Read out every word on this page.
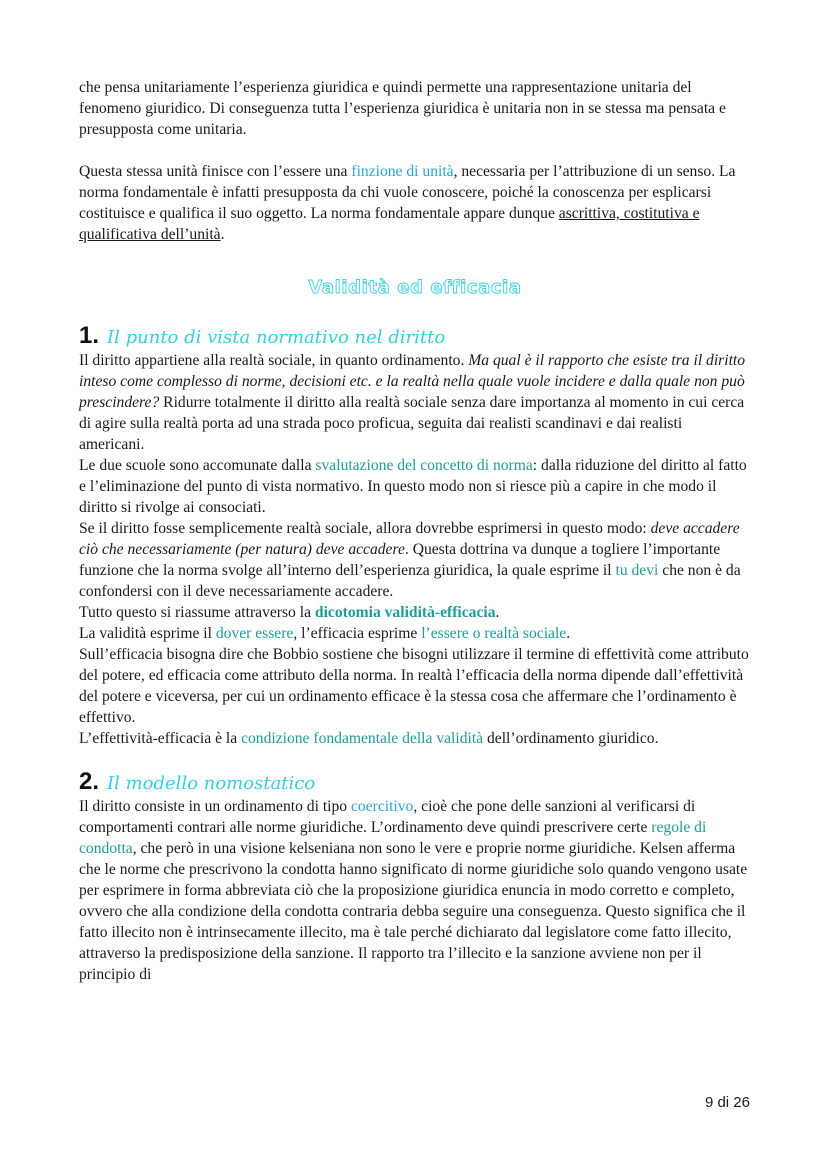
che pensa unitariamente l’esperienza giuridica e quindi permette una rappresentazione unitaria del fenomeno giuridico. Di conseguenza tutta l’esperienza giuridica è unitaria non in se stessa ma pensata e presupposta come unitaria.

Questa stessa unità finisce con l’essere una finzione di unità, necessaria per l’attribuzione di un senso. La norma fondamentale è infatti presupposta da chi vuole conoscere, poiché la conoscenza per esplicarsi costituisce e qualifica il suo oggetto. La norma fondamentale appare dunque ascrittiva, costitutiva e qualificativa dell’unità.

Validità ed efficacia
1. Il punto di vista normativo nel diritto

Il diritto appartiene alla realtà sociale, in quanto ordinamento. Ma qual è il rapporto che esiste tra il diritto inteso come complesso di norme, decisioni etc. e la realtà nella quale vuole incidere e dalla quale non può prescindere? Ridurre totalmente il diritto alla realtà sociale senza dare importanza al momento in cui cerca di agire sulla realtà porta ad una strada poco proficua, seguita dai realisti scandinavi e dai realisti americani.

Le due scuole sono accomunate dalla svalutazione del concetto di norma: dalla riduzione del diritto al fatto e l’eliminazione del punto di vista normativo. In questo modo non si riesce più a capire in che modo il diritto si rivolge ai consociati.

Se il diritto fosse semplicemente realtà sociale, allora dovrebbe esprimersi in questo modo: deve accadere ciò che necessariamente (per natura) deve accadere. Questa dottrina va dunque a togliere l’importante funzione che la norma svolge all’interno dell’esperienza giuridica, la quale esprime il tu devi che non è da confondersi con il deve necessariamente accadere.

Tutto questo si riassume attraverso la dicotomia validità-efficacia.

La validità esprime il dover essere, l’efficacia esprime l’essere o realtà sociale.

Sull’efficacia bisogna dire che Bobbio sostiene che bisogni utilizzare il termine di effettività come attributo del potere, ed efficacia come attributo della norma. In realtà l’efficacia della norma dipende dall’effettività del potere e viceversa, per cui un ordinamento efficace è la stessa cosa che affermare che l’ordinamento è effettivo.

L’effettività-efficacia è la condizione fondamentale della validità dell’ordinamento giuridico.

2. Il modello nomostatico

Il diritto consiste in un ordinamento di tipo coercitivo, cioè che pone delle sanzioni al verificarsi di comportamenti contrari alle norme giuridiche. L’ordinamento deve quindi prescrivere certe regole di condotta, che però in una visione kelseniana non sono le vere e proprie norme giuridiche. Kelsen afferma che le norme che prescrivono la condotta hanno significato di norme giuridiche solo quando vengono usate per esprimere in forma abbreviata ciò che la proposizione giuridica enuncia in modo corretto e completo, ovvero che alla condizione della condotta contraria debba seguire una conseguenza. Questo significa che il fatto illecito non è intrinsecamente illecito, ma è tale perché dichiarato dal legislatore come fatto illecito, attraverso la predisposizione della sanzione. Il rapporto tra l’illecito e la sanzione avviene non per il principio di

9 di 26
